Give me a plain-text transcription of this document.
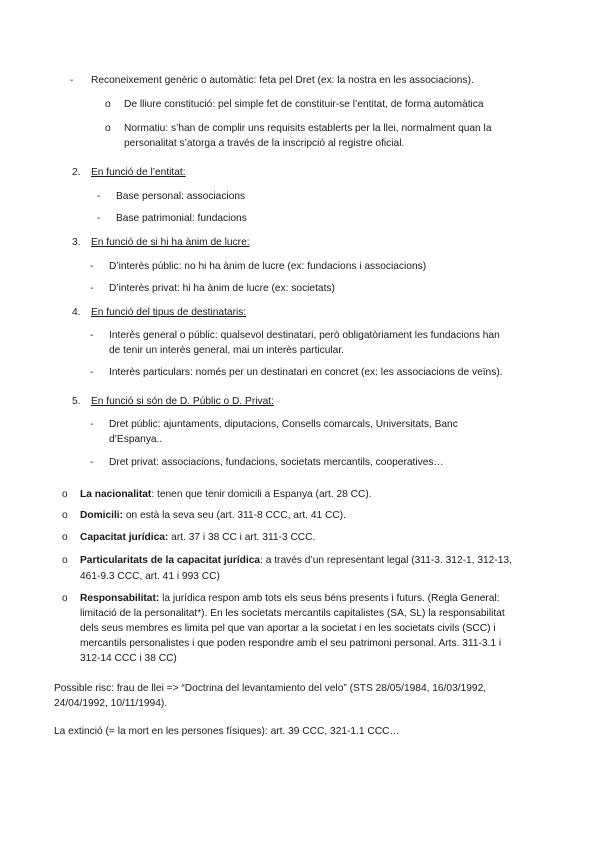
- Reconeixement genèric o automàtic: feta pel Dret (ex: la nostra en les associacions).
o De lliure constitució: pel simple fet de constituir-se l’entitat, de forma automàtica
o Normatiu: s’han de complir uns requisits establerts per la llei, normalment quan la
personalitat s’atorga a través de la inscripció al registre oficial.
2. En funció de l’entitat:
- Base personal: associacions
- Base patrimonial: fundacions
3. En funció de si hi ha ànim de lucre:
- D’interès públic: no hi ha ànim de lucre (ex: fundacions i associacions)
- D’interès privat: hi ha ànim de lucre (ex: societats)
4. En funció del tipus de destinataris:
- Interès general o públic: qualsevol destinatari, però obligatòriament les fundacions han
de tenir un interès general, mai un interès particular.
- Interès particulars: només per un destinatari en concret (ex: les associacions de veïns).
5. En funció si són de D. Públic o D. Privat:
- Dret públic: ajuntaments, diputacions, Consells comarcals, Universitats, Banc
d’Espanya..
- Dret privat: associacions, fundacions, societats mercantils, cooperatives…
o La nacionalitat: tenen que tenir domicili a Espanya (art. 28 CC).
o Domicili: on està la seva seu (art. 311-8 CCC, art. 41 CC).
o Capacitat jurídica: art. 37 i 38 CC i art. 311-3 CCC.
o Particularitats de la capacitat jurídica: a través d’un representant legal (311-3. 312-1, 312-13,
461-9.3 CCC, art. 41 i 993 CC)
o Responsabilitat: la jurídica respon amb tots els seus béns presents i futurs. (Regla General:
limitació de la personalitat*). En les societats mercantils capitalistes (SA, SL) la responsabilitat
dels seus membres es limita pel que van aportar a la societat i en les societats civils (SCC) i
mercantils personalistes i que poden respondre amb el seu patrimoni personal. Arts. 311-3.1 i
312-14 CCC i 38 CC)
Possible risc: frau de llei => “Doctrina del levantamiento del velo” (STS 28/05/1984, 16/03/1992,
24/04/1992, 10/11/1994).
La extinció (= la mort en les persones físiques): art. 39 CCC, 321-1.1 CCC…
